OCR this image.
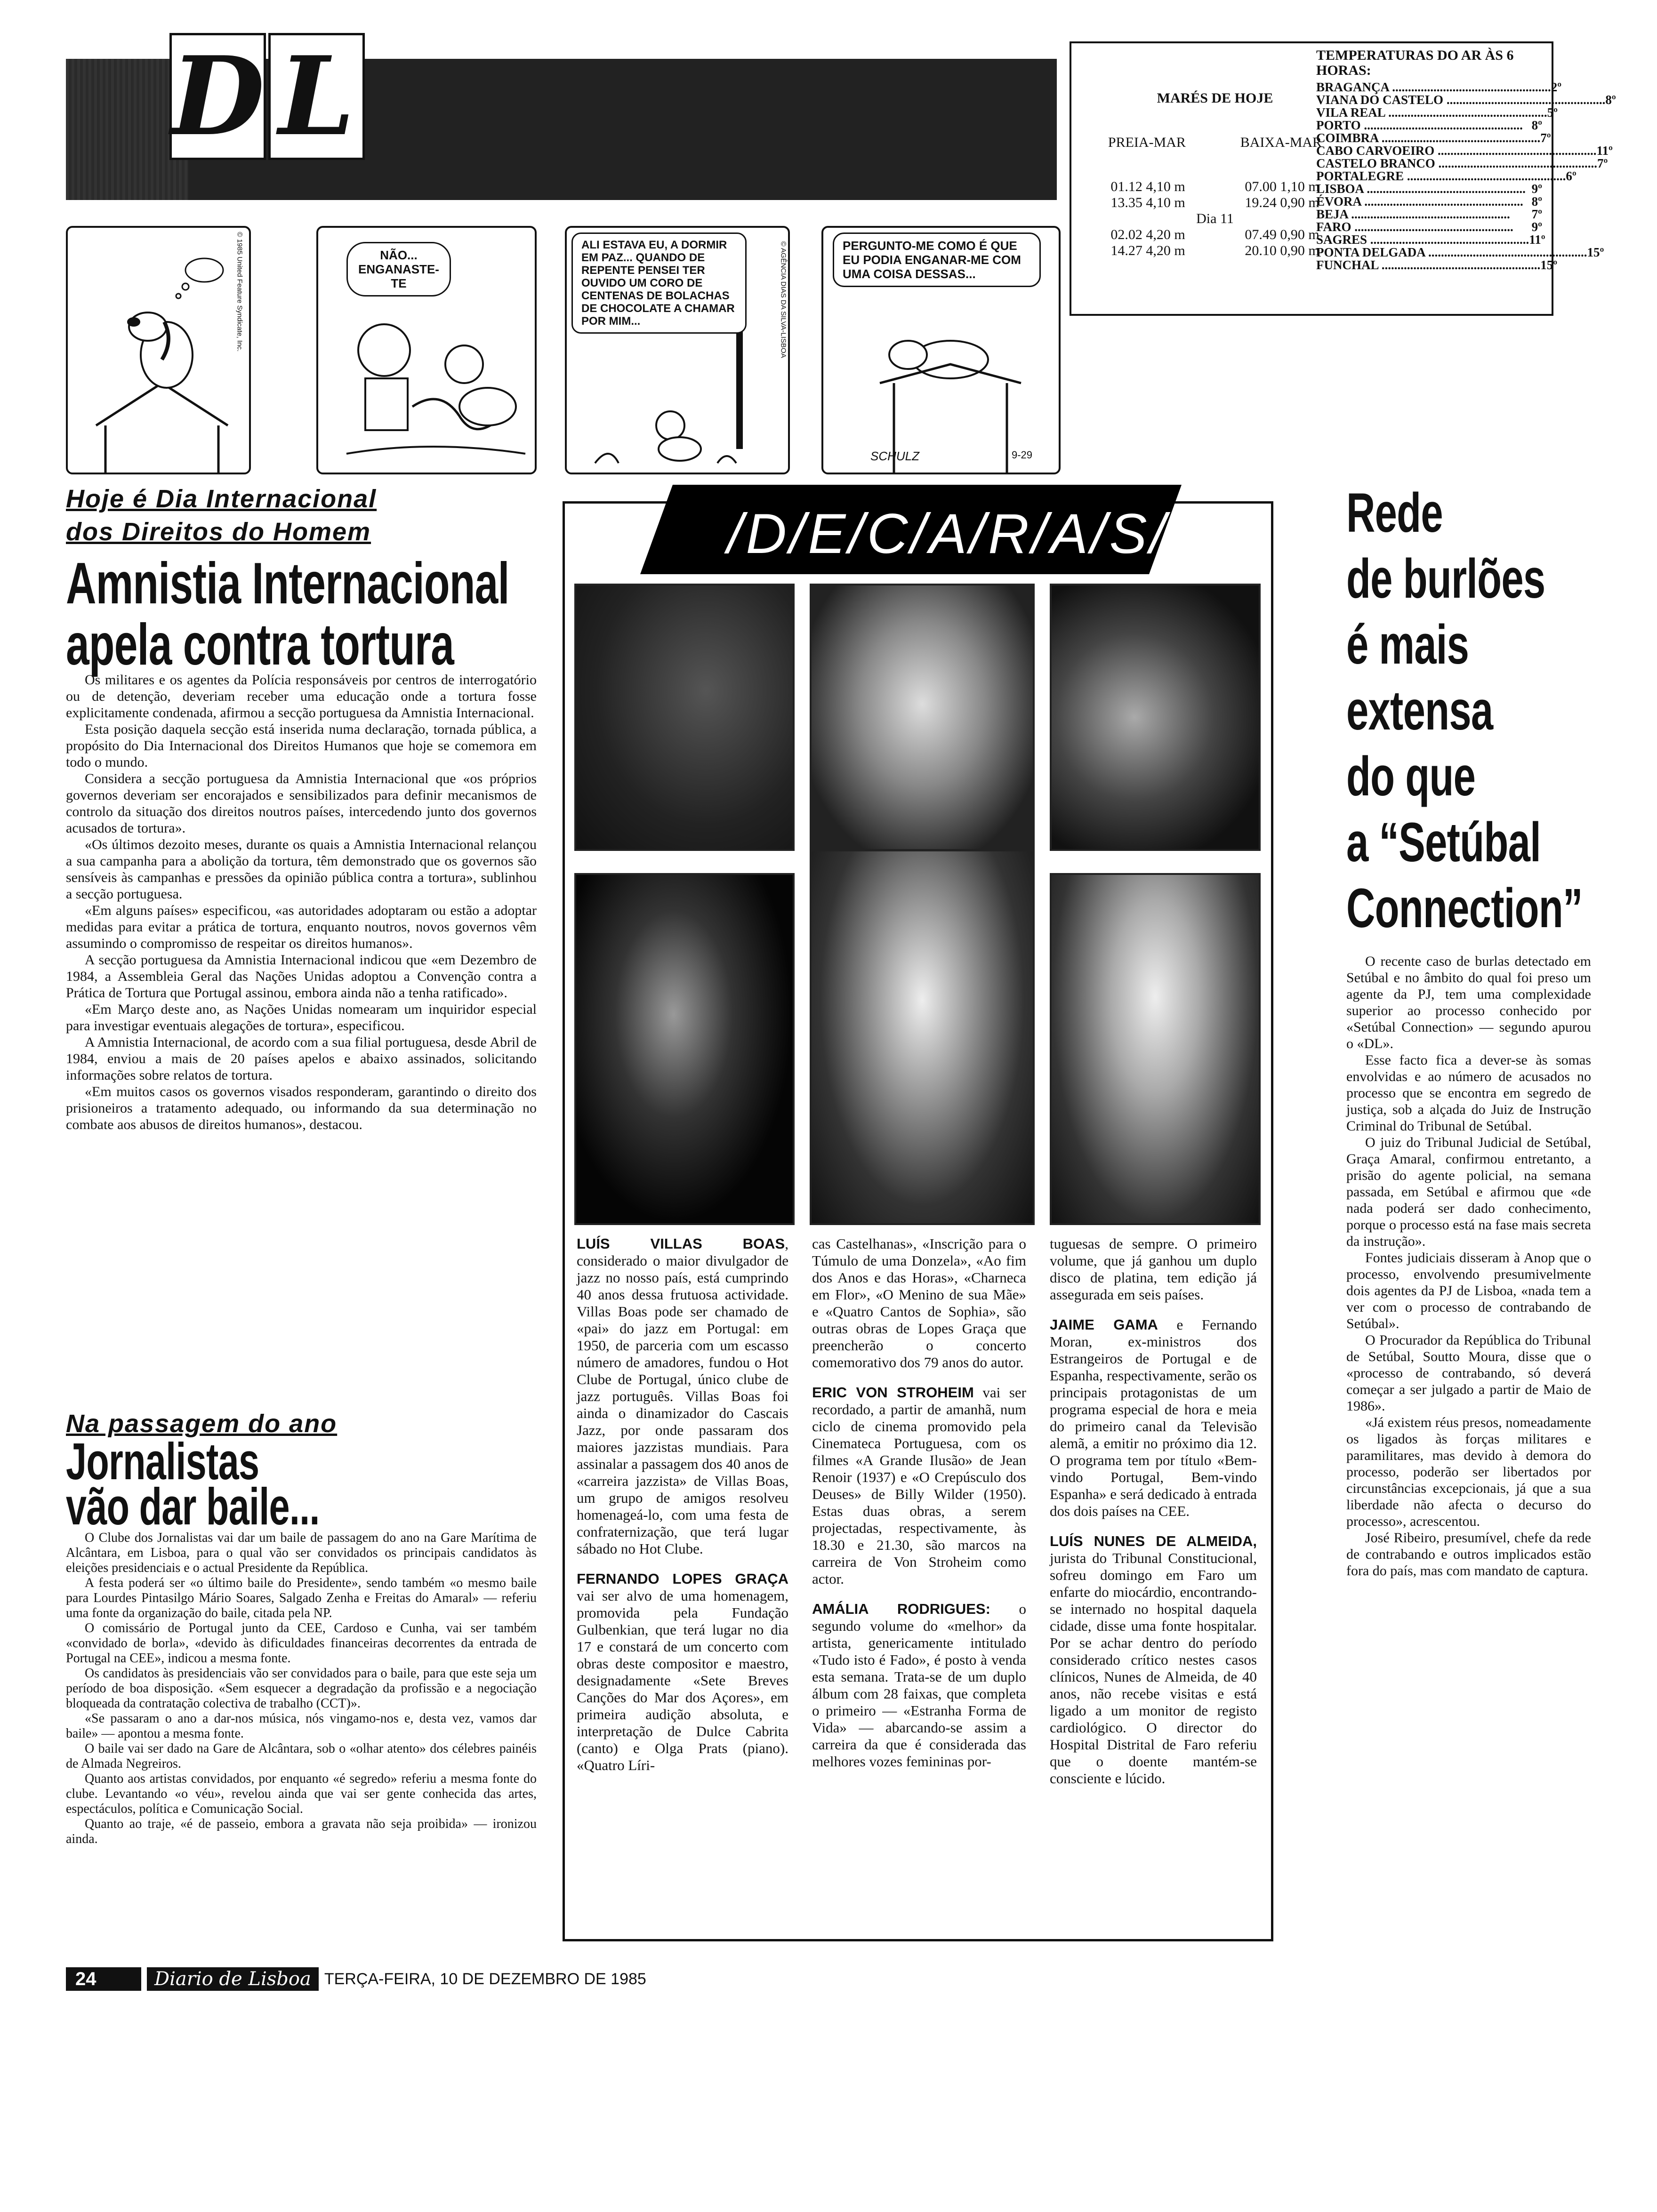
D L	MARÉS DE HOJE
PREIA-MAR	BAIXA-MAR
01.12 4,10 m	07.00 1,10 m
13.35 4,10 m	19.24 0,90 m
Dia 11
02.02 4,20 m	07.49 0,90 m
14.27 4,20 m	20.10 0,90 m
TEMPERATURAS DO AR ÀS 6 HORAS:
BRAGANÇA .................................................. 2º
VIANA DO CASTELO .................................................. 8º
VILA REAL .................................................. 5º
PORTO .................................................. 8º
COIMBRA .................................................. 7º
CABO CARVOEIRO .................................................. 11º
CASTELO BRANCO .................................................. 7º
PORTALEGRE .................................................. 6º
LISBOA .................................................. 9º
ÉVORA .................................................. 8º
BEJA ..................................................	7º
FARO ..................................................	9º
SAGRES .................................................. 11º
PONTA DELGADA .................................................. 15º
FUNCHAL .................................................. 15º
© 1985 United Feature Syndicate, Inc.	NÃO... ENGANASTE-TE
ALI ESTAVA EU, A DORMIR EM PAZ... QUANDO DE REPENTE PENSEI TER OUVIDO UM CORO DE CENTENAS DE BOLACHAS DE CHOCOLATE A CHAMAR POR MIM...	© AGÊNCIA DIAS DA SILVA-LISBOA	PERGUNTO-ME COMO É QUE EU PODIA ENGANAR-ME COM UMA COISA DESSAS...
SCHULZ	9-29
Hoje é Dia Internacional
dos Direitos do Homem
Amnistia Internacional
apela contra tortura

Os militares e os agentes da Polícia responsáveis por centros de interrogatório ou de detenção, deveriam receber uma educação onde a tortura fosse explicitamente condenada, afirmou a secção portuguesa da Amnistia Internacional.

Esta posição daquela secção está inserida numa declaração, tornada pública, a propósito do Dia Internacional dos Direitos Humanos que hoje se comemora em todo o mundo.

Considera a secção portuguesa da Amnistia Internacional que «os próprios governos deveriam ser encorajados e sensibilizados para definir mecanismos de controlo da situação dos direitos noutros países, intercedendo junto dos governos acusados de tortura».

«Os últimos dezoito meses, durante os quais a Amnistia Internacional relançou a sua campanha para a abolição da tortura, têm demonstrado que os governos são sensíveis às campanhas e pressões da opinião pública contra a tortura», sublinhou a secção portuguesa.

«Em alguns países» especificou, «as autoridades adoptaram ou estão a adoptar medidas para evitar a prática de tortura, enquanto noutros, novos governos vêm assumindo o compromisso de respeitar os direitos humanos».

A secção portuguesa da Amnistia Internacional indicou que «em Dezembro de 1984, a Assembleia Geral das Nações Unidas adoptou a Convenção contra a Prática de Tortura que Portugal assinou, embora ainda não a tenha ratificado».

«Em Março deste ano, as Nações Unidas nomearam um inquiridor especial para investigar eventuais alegações de tortura», especificou.

A Amnistia Internacional, de acordo com a sua filial portuguesa, desde Abril de 1984, enviou a mais de 20 países apelos e abaixo assinados, solicitando informações sobre relatos de tortura.

«Em muitos casos os governos visados responderam, garantindo o direito dos prisioneiros a tratamento adequado, ou informando da sua determinação no combate aos abusos de direitos humanos», destacou.

Na passagem do ano
Jornalistas
vão dar baile...

O Clube dos Jornalistas vai dar um baile de passagem do ano na Gare Marítima de Alcântara, em Lisboa, para o qual vão ser convidados os principais candidatos às eleições presidenciais e o actual Presidente da República.

A festa poderá ser «o último baile do Presidente», sendo também «o mesmo baile para Lourdes Pintasilgo Mário Soares, Salgado Zenha e Freitas do Amaral» — referiu uma fonte da organização do baile, citada pela NP.

O comissário de Portugal junto da CEE, Cardoso e Cunha, vai ser também «convidado de borla», «devido às dificuldades financeiras decorrentes da entrada de Portugal na CEE», indicou a mesma fonte.

Os candidatos às presidenciais vão ser convidados para o baile, para que este seja um período de boa disposição. «Sem esquecer a degradação da profissão e a negociação bloqueada da contratação colectiva de trabalho (CCT)».

«Se passaram o ano a dar-nos música, nós vingamo-nos e, desta vez, vamos dar baile» — apontou a mesma fonte.

O baile vai ser dado na Gare de Alcântara, sob o «olhar atento» dos célebres painéis de Almada Negreiros.

Quanto aos artistas convidados, por enquanto «é segredo» referiu a mesma fonte do clube. Levantando «o véu», revelou ainda que vai ser gente conhecida das artes, espectáculos, política e Comunicação Social.

Quanto ao traje, «é de passeio, embora a gravata não seja proibida» — ironizou ainda.

/D/E/C/A/R/A/S/

LUÍS VILLAS BOAS, considerado o maior divulgador de jazz no nosso país, está cumprindo 40 anos dessa frutuosa actividade. Villas Boas pode ser chamado de «pai» do jazz em Portugal: em 1950, de parceria com um escasso número de amadores, fundou o Hot Clube de Portugal, único clube de jazz português. Villas Boas foi ainda o dinamizador do Cascais Jazz, por onde passaram dos maiores jazzistas mundiais. Para assinalar a passagem dos 40 anos de «carreira jazzista» de Villas Boas, um grupo de amigos resolveu homenageá-lo, com uma festa de confraternização, que terá lugar sábado no Hot Clube.

FERNANDO LOPES GRAÇA vai ser alvo de uma homenagem, promovida pela Fundação Gulbenkian, que terá lugar no dia 17 e constará de um concerto com obras deste compositor e maestro, designadamente «Sete Breves Canções do Mar dos Açores», em primeira audição absoluta, e interpretação de Dulce Cabrita (canto) e Olga Prats (piano). «Quatro Líri-

cas Castelhanas», «Inscrição para o Túmulo de uma Donzela», «Ao fim dos Anos e das Horas», «Charneca em Flor», «O Menino de sua Mãe» e «Quatro Cantos de Sophia», são outras obras de Lopes Graça que preencherão o concerto comemorativo dos 79 anos do autor.

ERIC VON STROHEIM vai ser recordado, a partir de amanhã, num ciclo de cinema promovido pela Cinemateca Portuguesa, com os filmes «A Grande Ilusão» de Jean Renoir (1937) e «O Crepúsculo dos Deuses» de Billy Wilder (1950). Estas duas obras, a serem projectadas, respectivamente, às 18.30 e 21.30, são marcos na carreira de Von Stroheim como actor.

AMÁLIA RODRIGUES: o segundo volume do «melhor» da artista, genericamente intitulado «Tudo isto é Fado», é posto à venda esta semana. Trata-se de um duplo álbum com 28 faixas, que completa o primeiro — «Estranha Forma de Vida» — abarcando-se assim a carreira da que é considerada das melhores vozes femininas por-

tuguesas de sempre. O primeiro volume, que já ganhou um duplo disco de platina, tem edição já assegurada em seis países.

JAIME GAMA e Fernando Moran, ex-ministros dos Estrangeiros de Portugal e de Espanha, respectivamente, serão os principais protagonistas de um programa especial de hora e meia do primeiro canal da Televisão alemã, a emitir no próximo dia 12. O programa tem por título «Bem-vindo Portugal, Bem-vindo Espanha» e será dedicado à entrada dos dois países na CEE.

LUÍS NUNES DE ALMEIDA, jurista do Tribunal Constitucional, sofreu domingo em Faro um enfarte do miocárdio, encontrando-se internado no hospital daquela cidade, disse uma fonte hospitalar. Por se achar dentro do período considerado crítico nestes casos clínicos, Nunes de Almeida, de 40 anos, não recebe visitas e está ligado a um monitor de registo cardiológico. O director do Hospital Distrital de Faro referiu que o doente mantém-se consciente e lúcido.

Rede
de burlões
é mais
extensa
do que
a “Setúbal
Connection”

O recente caso de burlas detectado em Setúbal e no âmbito do qual foi preso um agente da PJ, tem uma complexidade superior ao processo conhecido por «Setúbal Connection» — segundo apurou o «DL».

Esse facto fica a dever-se às somas envolvidas e ao número de acusados no processo que se encontra em segredo de justiça, sob a alçada do Juiz de Instrução Criminal do Tribunal de Setúbal.

O juiz do Tribunal Judicial de Setúbal, Graça Amaral, confirmou entretanto, a prisão do agente policial, na semana passada, em Setúbal e afirmou que «de nada poderá ser dado conhecimento, porque o processo está na fase mais secreta da instrução».

Fontes judiciais disseram à Anop que o processo, envolvendo presumivelmente dois agentes da PJ de Lisboa, «nada tem a ver com o processo de contrabando de Setúbal».

O Procurador da República do Tribunal de Setúbal, Soutto Moura, disse que o «processo de contrabando, só deverá começar a ser julgado a partir de Maio de 1986».

«Já existem réus presos, nomeadamente os ligados às forças militares e paramilitares, mas devido à demora do processo, poderão ser libertados por circunstâncias excepcionais, já que a sua liberdade não afecta o decurso do processo», acrescentou.

José Ribeiro, presumível, chefe da rede de contrabando e outros implicados estão fora do país, mas com mandato de captura.

24	Diario de Lisboa TERÇA-FEIRA, 10 DE DEZEMBRO DE 1985
